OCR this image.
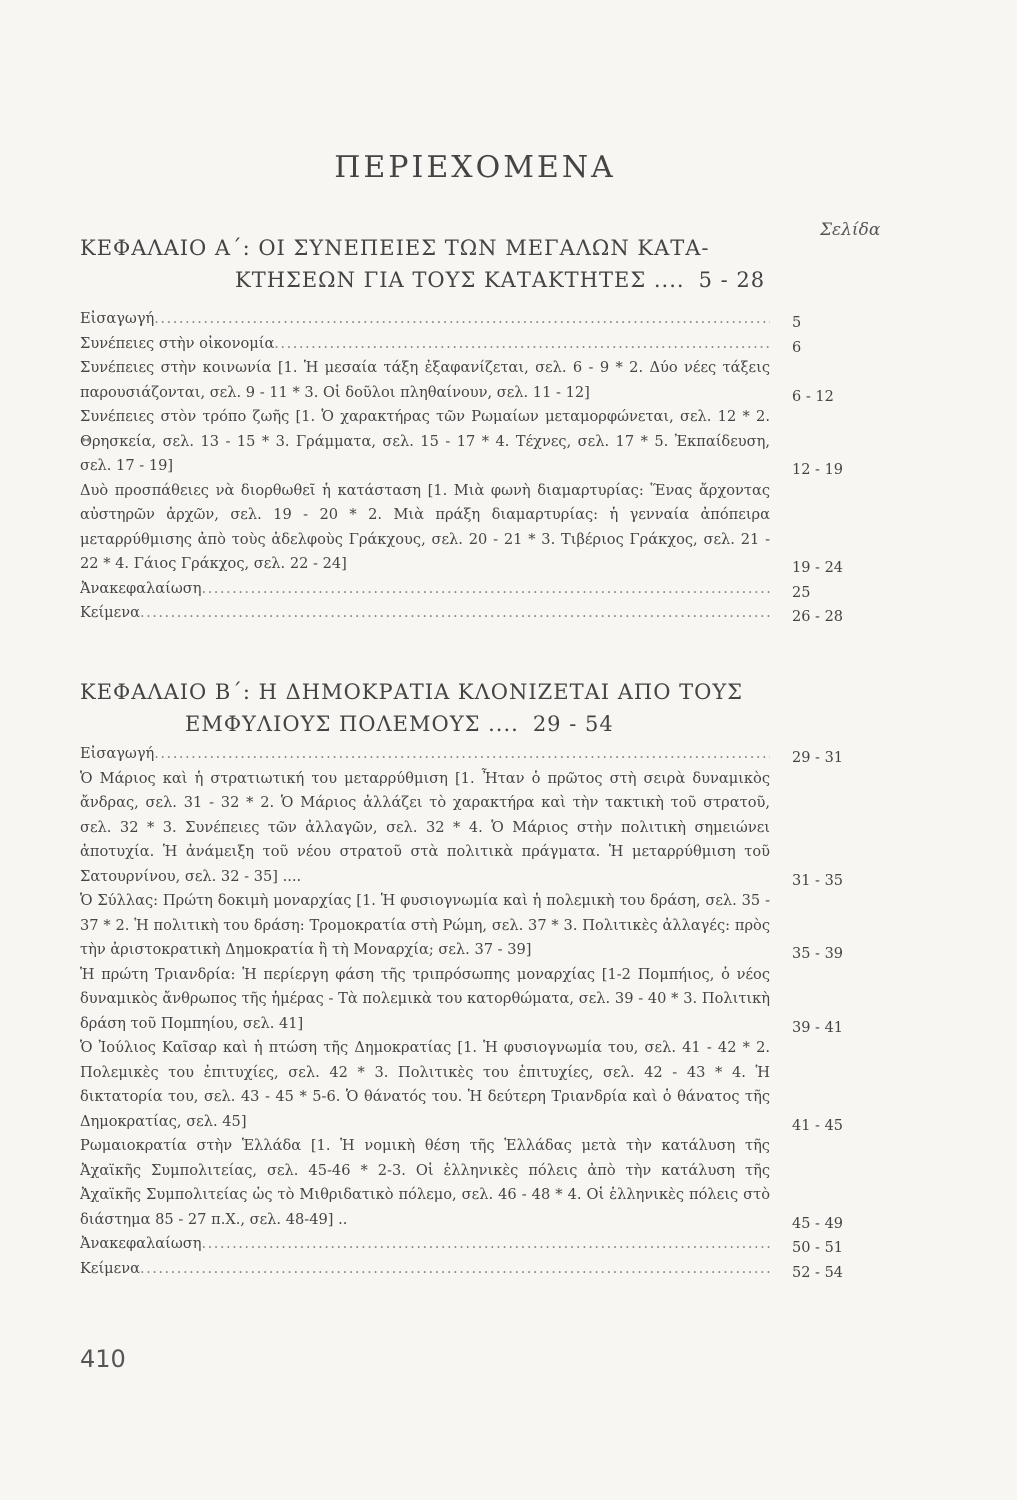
ΠΕΡΙΕΧΟΜΕΝΑ
Σελίδα
ΚΕΦΑΛΑΙΟ Α΄: ΟΙ ΣΥΝΕΠΕΙΕΣ ΤΩΝ ΜΕΓΑΛΩΝ ΚΑΤΑ-
ΚΤΗΣΕΩΝ ΓΙΑ ΤΟΥΣ ΚΑΤΑΚΤΗΤΕΣ .... 5 - 28
Εἰσαγωγή .....	5
Συνέπειες στὴν οἰκονομία .....	6
Συνέπειες στὴν κοινωνία [1. Ἡ μεσαία τάξη ἐξαφανίζεται, σελ. 6 - 9 * 2. Δύο νέες τάξεις παρουσιάζονται, σελ. 9 - 11 * 3. Οἱ δοῦλοι πληθαίνουν, σελ. 11 - 12]	6 - 12
Συνέπειες στὸν τρόπο ζωῆς [1. Ὁ χαρακτήρας τῶν Ρωμαίων μεταμορφώνεται, σελ. 12 * 2. Θρησκεία, σελ. 13 - 15 * 3. Γράμματα, σελ. 15 - 17 * 4. Τέχνες, σελ. 17 * 5. Ἐκπαίδευση, σελ. 17 - 19]	12 - 19
Δυὸ προσπάθειες νὰ διορθωθεῖ ἡ κατάσταση [1. Μιὰ φωνὴ διαμαρτυρίας: Ἕνας ἄρχοντας αὐστηρῶν ἀρχῶν, σελ. 19 - 20 * 2. Μιὰ πράξη διαμαρτυρίας: ἡ γενναία ἀπόπειρα μεταρρύθμισης ἀπὸ τοὺς ἀδελφοὺς Γράκχους, σελ. 20 - 21 * 3. Τιβέριος Γράκχος, σελ. 21 - 22 * 4. Γάιος Γράκχος, σελ. 22 - 24]	19 - 24
Ἀνακεφαλαίωση .....	25
Κείμενα .....	26 - 28
ΚΕΦΑΛΑΙΟ Β΄: Η ΔΗΜΟΚΡΑΤΙΑ ΚΛΟΝΙΖΕΤΑΙ ΑΠΟ ΤΟΥΣ
ΕΜΦΥΛΙΟΥΣ ΠΟΛΕΜΟΥΣ .... 29 - 54
Εἰσαγωγή .....	29 - 31
Ὁ Μάριος καὶ ἡ στρατιωτική του μεταρρύθμιση [1. Ἦταν ὁ πρῶτος στὴ σειρὰ δυναμικὸς ἄνδρας, σελ. 31 - 32 * 2. Ὁ Μάριος ἀλλάζει τὸ χαρακτήρα καὶ τὴν τακτικὴ τοῦ στρατοῦ, σελ. 32 * 3. Συνέπειες τῶν ἀλλαγῶν, σελ. 32 * 4. Ὁ Μάριος στὴν πολιτικὴ σημειώνει ἀποτυχία. Ἡ ἀνάμειξη τοῦ νέου στρατοῦ στὰ πολιτικὰ πράγματα. Ἡ μεταρρύθμιση τοῦ Σατουρνίνου, σελ. 32 - 35] ....	31 - 35
Ὁ Σύλλας: Πρώτη δοκιμὴ μοναρχίας [1. Ἡ φυσιογνωμία καὶ ἡ πολεμικὴ του δράση, σελ. 35 - 37 * 2. Ἡ πολιτικὴ του δράση: Τρομοκρατία στὴ Ρώμη, σελ. 37 * 3. Πολιτικὲς ἀλλαγές: πρὸς τὴν ἀριστοκρατικὴ Δημοκρατία ἢ τὴ Μοναρχία; σελ. 37 - 39]	35 - 39
Ἡ πρώτη Τριανδρία: Ἡ περίεργη φάση τῆς τριπρόσωπης μοναρχίας [1-2 Πομπήιος, ὁ νέος δυναμικὸς ἄνθρωπος τῆς ἡμέρας - Τὰ πολεμικὰ του κατορθώματα, σελ. 39 - 40 * 3. Πολιτικὴ δράση τοῦ Πομπηίου, σελ. 41]	39 - 41
Ὁ Ἰούλιος Καῖσαρ καὶ ἡ πτώση τῆς Δημοκρατίας [1. Ἡ φυσιογνωμία του, σελ. 41 - 42 * 2. Πολεμικὲς του ἐπιτυχίες, σελ. 42 * 3. Πολιτικὲς του ἐπιτυχίες, σελ. 42 - 43 * 4. Ἡ δικτατορία του, σελ. 43 - 45 * 5-6. Ὁ θάνατός του. Ἡ δεύτερη Τριανδρία καὶ ὁ θάνατος τῆς Δημοκρατίας, σελ. 45]	41 - 45
Ρωμαιοκρατία στὴν Ἑλλάδα [1. Ἡ νομικὴ θέση τῆς Ἑλλάδας μετὰ τὴν κατάλυση τῆς Ἀχαϊκῆς Συμπολιτείας, σελ. 45-46 * 2-3. Οἱ ἑλληνικὲς πόλεις ἀπὸ τὴν κατάλυση τῆς Ἀχαϊκῆς Συμπολιτείας ὡς τὸ Μιθριδατικὸ πόλεμο, σελ. 46 - 48 * 4. Οἱ ἑλληνικὲς πόλεις στὸ διάστημα 85 - 27 π.Χ., σελ. 48-49] ..	45 - 49
Ἀνακεφαλαίωση .....	50 - 51
Κείμενα .....	52 - 54
410
